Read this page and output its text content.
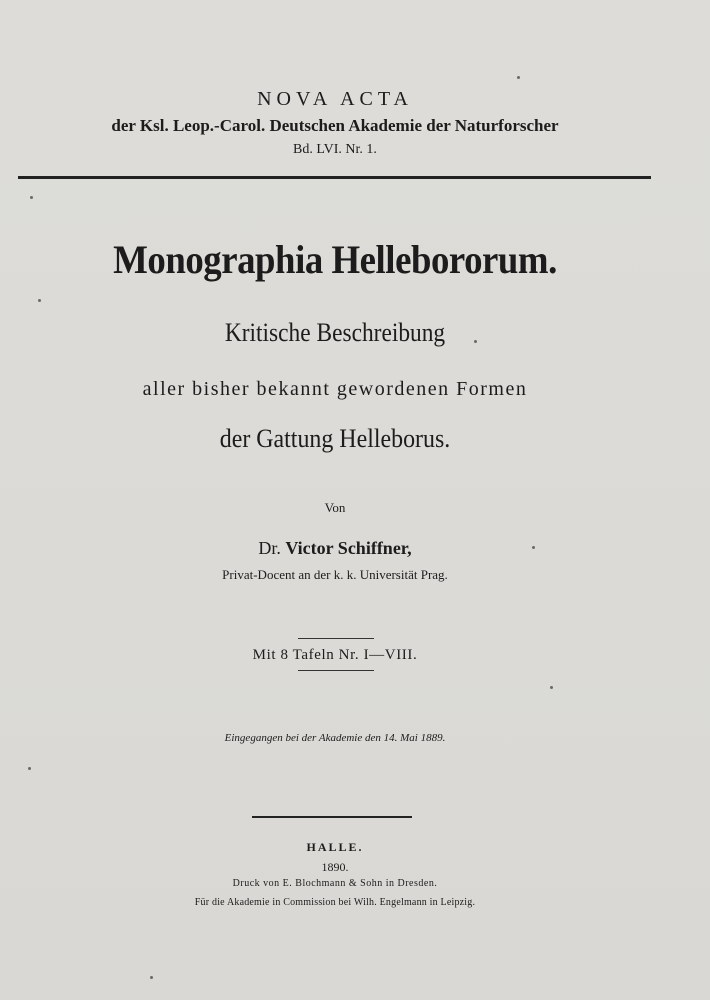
NOVA ACTA
der Ksl. Leop.-Carol. Deutschen Akademie der Naturforscher
Bd. LVI. Nr. 1.
Monographia Hellebororum.
Kritische Beschreibung
aller bisher bekannt gewordenen Formen
der Gattung Helleborus.
Von
Dr. Victor Schiffner,
Privat-Docent an der k. k. Universität Prag.
Mit 8 Tafeln Nr. I—VIII.
Eingegangen bei der Akademie den 14. Mai 1889.
HALLE.
1890.
Druck von E. Blochmann & Sohn in Dresden.
Für die Akademie in Commission bei Wilh. Engelmann in Leipzig.
